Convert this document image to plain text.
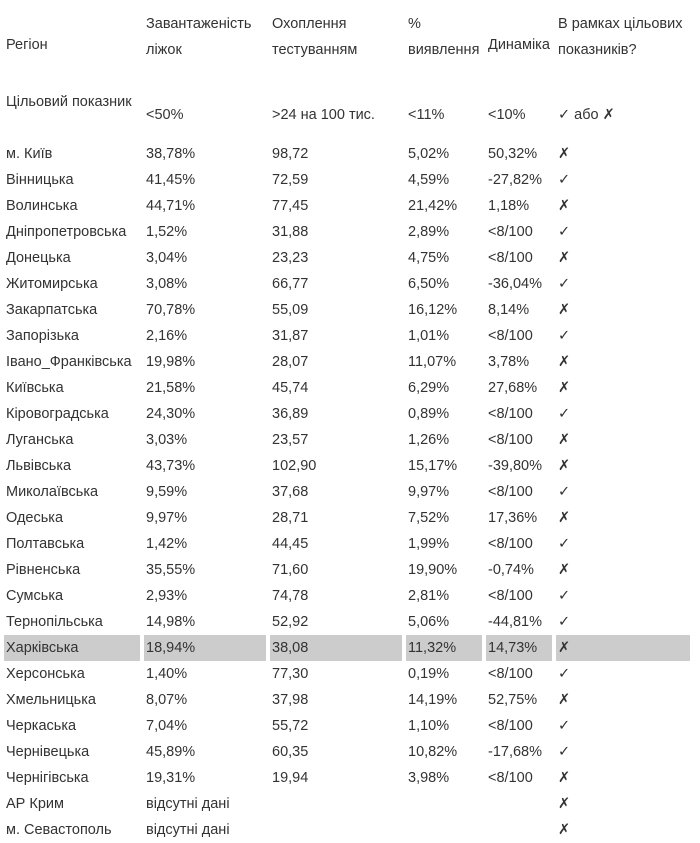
Регіон	Завантаженість ліжок	Охоплення тестуванням	% виявлення	Динаміка	В рамках цільових показників?
Цільовий показник	<50%	>24 на 100 тис.	<11%	<10%	✓ або ✗
м. Київ	38,78%	98,72	5,02%	50,32%	✗
Вінницька	41,45%	72,59	4,59%	-27,82%	✓
Волинська	44,71%	77,45	21,42%	1,18%	✗
Дніпропетровська	1,52%	31,88	2,89%	<8/100	✓
Донецька	3,04%	23,23	4,75%	<8/100	✗
Житомирська	3,08%	66,77	6,50%	-36,04%	✓
Закарпатська	70,78%	55,09	16,12%	8,14%	✗
Запорізька	2,16%	31,87	1,01%	<8/100	✓
Івано_Франківська	19,98%	28,07	11,07%	3,78%	✗
Київська	21,58%	45,74	6,29%	27,68%	✗
Кіровоградська	24,30%	36,89	0,89%	<8/100	✓
Луганська	3,03%	23,57	1,26%	<8/100	✗
Львівська	43,73%	102,90	15,17%	-39,80%	✗
Миколаївська	9,59%	37,68	9,97%	<8/100	✓
Одеська	9,97%	28,71	7,52%	17,36%	✗
Полтавська	1,42%	44,45	1,99%	<8/100	✓
Рівненська	35,55%	71,60	19,90%	-0,74%	✗
Сумська	2,93%	74,78	2,81%	<8/100	✓
Тернопільська	14,98%	52,92	5,06%	-44,81%	✓
Харківська	18,94%	38,08	11,32%	14,73%	✗
Херсонська	1,40%	77,30	0,19%	<8/100	✓
Хмельницька	8,07%	37,98	14,19%	52,75%	✗
Черкаська	7,04%	55,72	1,10%	<8/100	✓
Чернівецька	45,89%	60,35	10,82%	-17,68%	✓
Чернігівська	19,31%	19,94	3,98%	<8/100	✗
АР Крим	відсутні дані				✗
м. Севастополь	відсутні дані				✗
